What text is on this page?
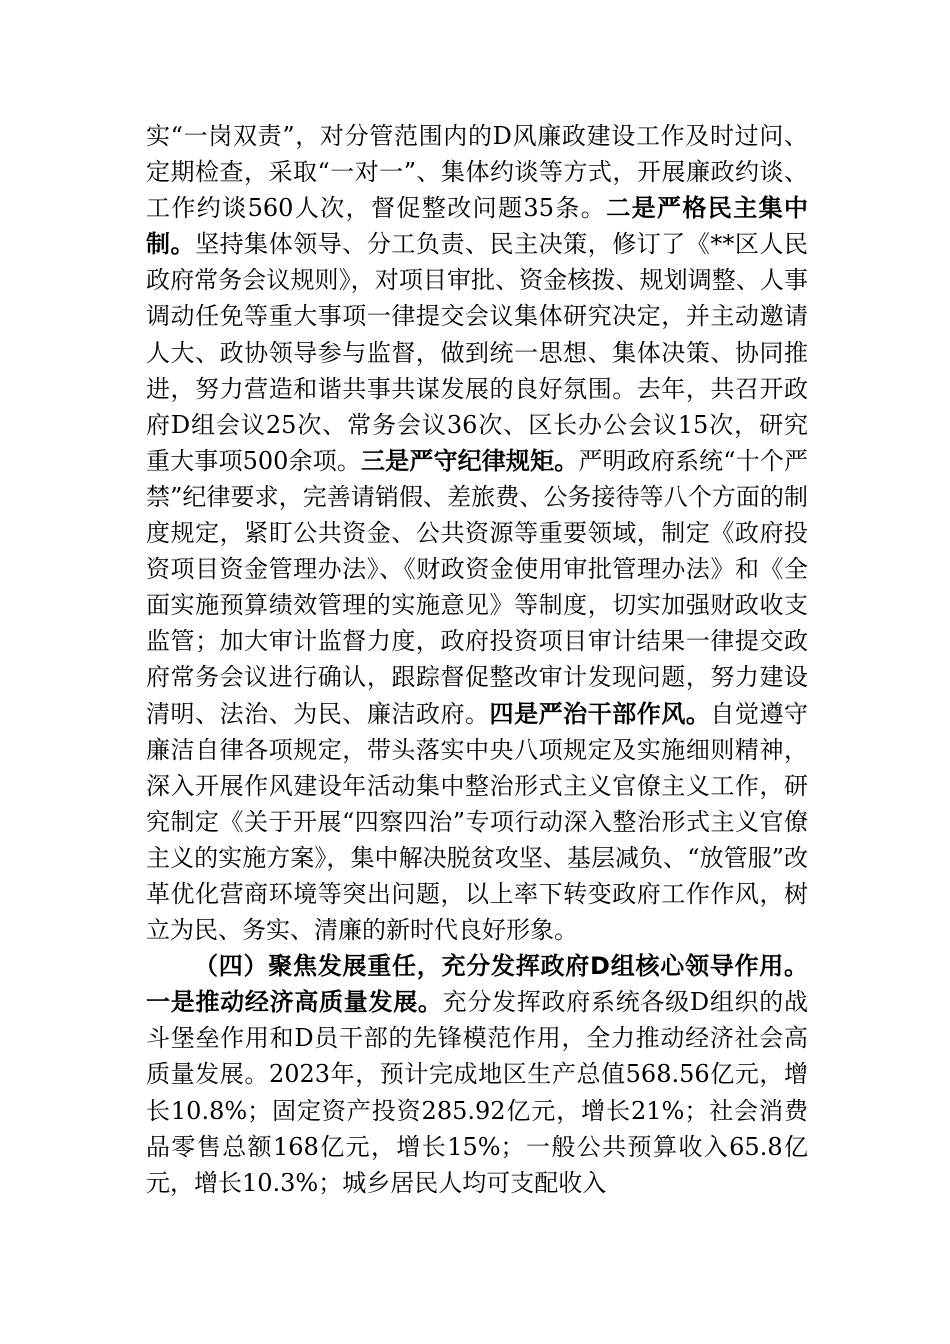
实“一岗双责”，对分管范围内的D风廉政建设工作及时过问、定期检查，采取“一对一”、集体约谈等方式，开展廉政约谈、工作约谈560人次，督促整改问题35条。二是严格民主集中制。坚持集体领导、分工负责、民主决策，修订了《**区人民政府常务会议规则》，对项目审批、资金核拨、规划调整、人事调动任免等重大事项一律提交会议集体研究决定，并主动邀请人大、政协领导参与监督，做到统一思想、集体决策、协同推进，努力营造和谐共事共谋发展的良好氛围。去年，共召开政府D组会议25次、常务会议36次、区长办公会议15次，研究重大事项500余项。三是严守纪律规矩。严明政府系统“十个严禁”纪律要求，完善请销假、差旅费、公务接待等八个方面的制度规定，紧盯公共资金、公共资源等重要领域，制定《政府投资项目资金管理办法》、《财政资金使用审批管理办法》和《全面实施预算绩效管理的实施意见》等制度，切实加强财政收支监管；加大审计监督力度，政府投资项目审计结果一律提交政府常务会议进行确认，跟踪督促整改审计发现问题，努力建设清明、法治、为民、廉洁政府。四是严治干部作风。自觉遵守廉洁自律各项规定，带头落实中央八项规定及实施细则精神，深入开展作风建设年活动集中整治形式主义官僚主义工作，研究制定《关于开展“四察四治”专项行动深入整治形式主义官僚主义的实施方案》，集中解决脱贫攻坚、基层减负、“放管服”改革优化营商环境等突出问题，以上率下转变政府工作作风，树立为民、务实、清廉的新时代良好形象。

（四）聚焦发展重任，充分发挥政府D组核心领导作用。一是推动经济高质量发展。充分发挥政府系统各级D组织的战斗堡垒作用和D员干部的先锋模范作用，全力推动经济社会高质量发展。2023年，预计完成地区生产总值568.56亿元，增长10.8%；固定资产投资285.92亿元，增长21%；社会消费品零售总额168亿元，增长15%；一般公共预算收入65.8亿元，增长10.3%；城乡居民人均可支配收入
